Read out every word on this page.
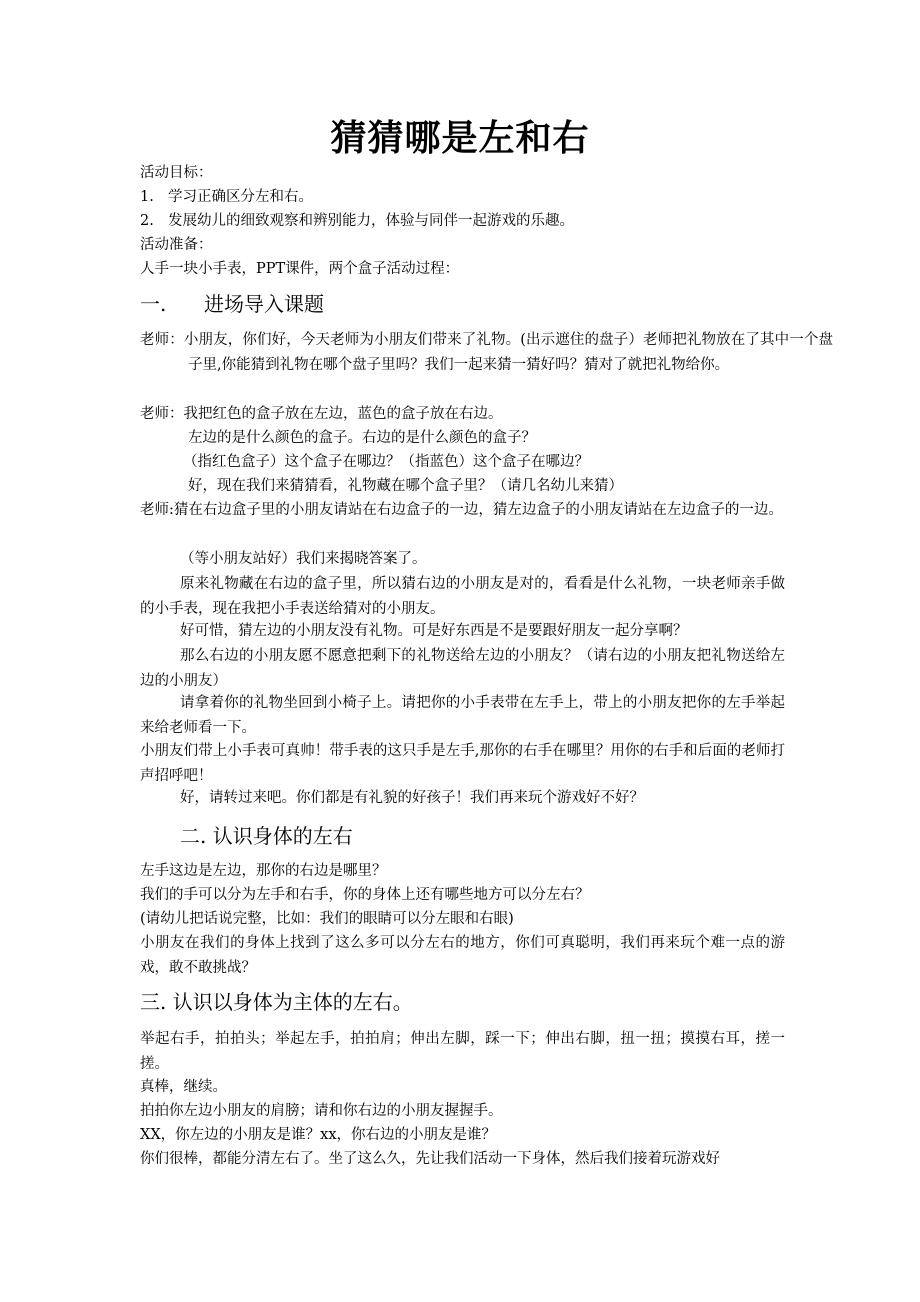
猜猜哪是左和右
活动目标：
1. 学习正确区分左和右。
2. 发展幼儿的细致观察和辨别能力，体验与同伴一起游戏的乐趣。
活动准备：
人手一块小手表，PPT课件，两个盒子活动过程：
一. 进场导入课题
老师：小朋友，你们好，今天老师为小朋友们带来了礼物。(出示遮住的盘子）老师把礼物放在了其中一个盘子里,你能猜到礼物在哪个盘子里吗？我们一起来猜一猜好吗？猜对了就把礼物给你。
老师：我把红色的盒子放在左边，蓝色的盒子放在右边。
左边的是什么颜色的盒子。右边的是什么颜色的盒子？
（指红色盒子）这个盒子在哪边？（指蓝色）这个盒子在哪边？
好，现在我们来猜猜看，礼物藏在哪个盒子里？（请几名幼儿来猜）
老师:猜在右边盒子里的小朋友请站在右边盒子的一边，猜左边盒子的小朋友请站在左边盒子的一边。
（等小朋友站好）我们来揭晓答案了。
原来礼物藏在右边的盒子里，所以猜右边的小朋友是对的，看看是什么礼物，一块老师亲手做的小手表，现在我把小手表送给猜对的小朋友。
好可惜，猜左边的小朋友没有礼物。可是好东西是不是要跟好朋友一起分享啊？
那么右边的小朋友愿不愿意把剩下的礼物送给左边的小朋友？（请右边的小朋友把礼物送给左边的小朋友）
请拿着你的礼物坐回到小椅子上。请把你的小手表带在左手上，带上的小朋友把你的左手举起来给老师看一下。
小朋友们带上小手表可真帅！带手表的这只手是左手,那你的右手在哪里？用你的右手和后面的老师打声招呼吧！
好，请转过来吧。你们都是有礼貌的好孩子！我们再来玩个游戏好不好？
二. 认识身体的左右
左手这边是左边，那你的右边是哪里？
我们的手可以分为左手和右手，你的身体上还有哪些地方可以分左右？
(请幼儿把话说完整，比如：我们的眼睛可以分左眼和右眼)
小朋友在我们的身体上找到了这么多可以分左右的地方，你们可真聪明，我们再来玩个难一点的游戏，敢不敢挑战？
三. 认识以身体为主体的左右。
举起右手，拍拍头；举起左手，拍拍肩；伸出左脚，踩一下；伸出右脚，扭一扭；摸摸右耳，搓一搓。
真棒，继续。
拍拍你左边小朋友的肩膀；请和你右边的小朋友握握手。
XX，你左边的小朋友是谁？xx，你右边的小朋友是谁？
你们很棒，都能分清左右了。坐了这么久，先让我们活动一下身体，然后我们接着玩游戏好
